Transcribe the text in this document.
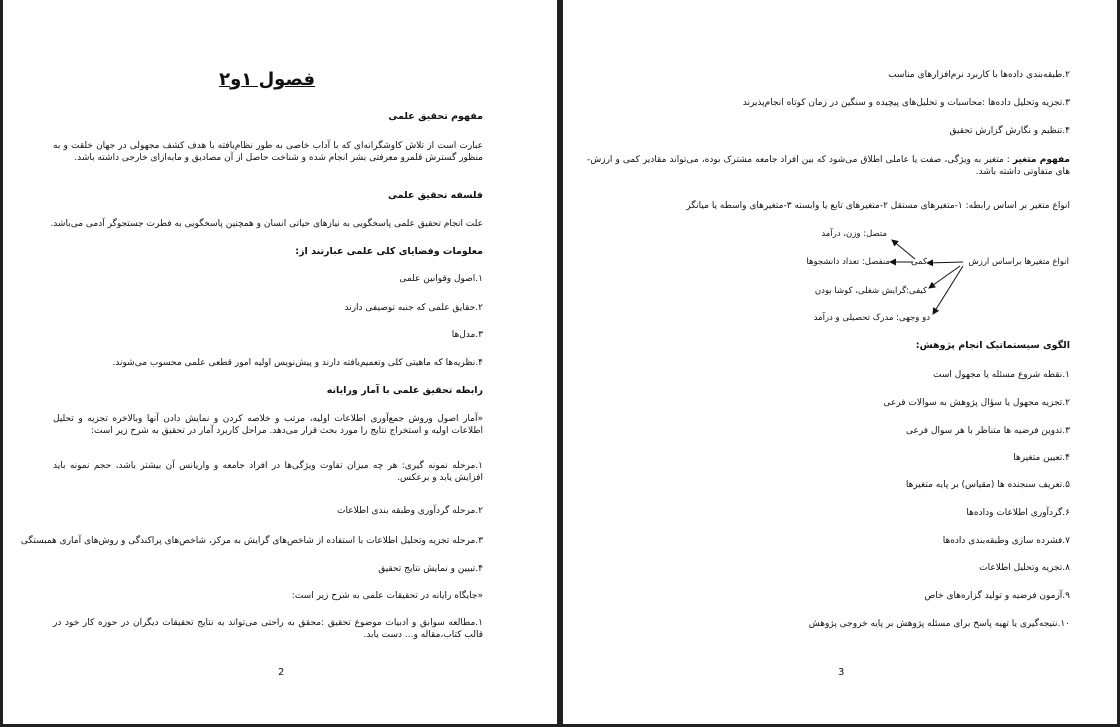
فصول ۱و۲
مفهوم تحقیق علمی
عبارت است از تلاش کاوشگرانه‌ای که با آداب خاصی به طور نظام‌یافته با هدف کشف مجهولی در جهان خلقت و به منظور گسترش قلمرو معرفتی بشر انجام شده و شناخت حاصل از آن مصادیق و مابه‌ازای خارجی داشته باشد.
فلسفه تحقیق علمی
علت انجام تحقیق علمی پاسخگویی به نیازهای حیاتی انسان و همچنین پاسخگویی به فطرت جستجوگر آدمی می‌باشد.
معلومات وفضایای کلی علمی عبارتند از:
۱.اصول وقوانین علمی
۲.حقایق علمی که جنبه توصیفی دارند
۳.مدل‌ها
۴.نظریه‌ها که ماهیتی کلی وتعمیم‌یافته دارند و پیش‌نویس اولیه امور قطعی علمی محسوب می‌شوند.
رابطه تحقیق علمی با آمار ورایانه
«آمار اصول وروش جمع‌آوری اطلاعات اولیه، مرتب و خلاصه کردن و نمایش دادن آنها وبالاخره تجزیه و تحلیل اطلاعات اولیه و استخراج نتایج را مورد بحث قرار می‌دهد. مراحل کاربرد آمار در تحقیق به شرح زیر است:
۱.مرحله نمونه گیری: هر چه میزان تفاوت ویژگی‌ها در افراد جامعه و واریانس آن بیشتر باشد، حجم نمونه باید افزایش یابد و برعکس.
۲.مرحله گردآوری وطبقه بندی اطلاعات
۳.مرحله تجزیه وتحلیل اطلاعات با استفاده از شاخص‌های گرایش به مرکز، شاخص‌های پراکندگی و روش‌های آماری همبستگی
۴.تبیین و نمایش نتایج تحقیق
«جایگاه رایانه در تحقیقات علمی به شرح زیر است:
۱.مطالعه سوابق و ادبیات موضوع تحقیق :محقق به راحتی می‌تواند به نتایج تحقیقات دیگران در حوزه کار خود در قالب کتاب،مقاله و... دست یابد.
2
۲.طبقه‌بندی داده‌ها با کاربرد نرم‌افزارهای مناسب
۳.تجزیه وتحلیل داده‌ها :محاسبات و تحلیل‌های پیچیده و سنگین در زمان کوتاه انجام‌پذیرند
۴.تنظیم و نگارش گزارش تحقیق
مفهوم متغیر : متغیر به ویژگی، صفت یا عاملی اطلاق می‌شود که بین افراد جامعه مشترک بوده، می‌تواند مقادیر کمی و ارزش-های متفاوتی داشته باشد.
انواع متغیر بر اساس رابطه: ۱-متغیرهای مستقل ۲-متغیرهای تابع یا وابسته ۳-متغیرهای واسطه یا میانگر
انواع متغیرها براساس ارزش
کمی
متصل: وزن، درآمد
منفصل: تعداد دانشجوها
کیفی:گرایش شغلی، کوشا بودن
دو وجهی: مدرک تحصیلی و درآمد
الگوی سیستماتیک انجام پژوهش:
۱.نقطه شروع مسئله یا مجهول است
۲.تجزیه مجهول یا سؤال پژوهش به سوالات فرعی
۳.تدوین فرضیه ها متناظر با هر سوال فرعی
۴.تعیین متغیرها
۵.تعریف سنجنده ها (مقیاس) بر پایه متغیرها
۶.گردآوری اطلاعات وداده‌ها
۷.فشرده سازی وطبقه‌بندی داده‌ها
۸.تجزیه وتحلیل اطلاعات
۹.آزمون فرضیه و تولید گزاره‌های خاص
۱۰.نتیجه‌گیری یا تهیه پاسخ برای مسئله پژوهش بر پایه خروجی پژوهش
3
